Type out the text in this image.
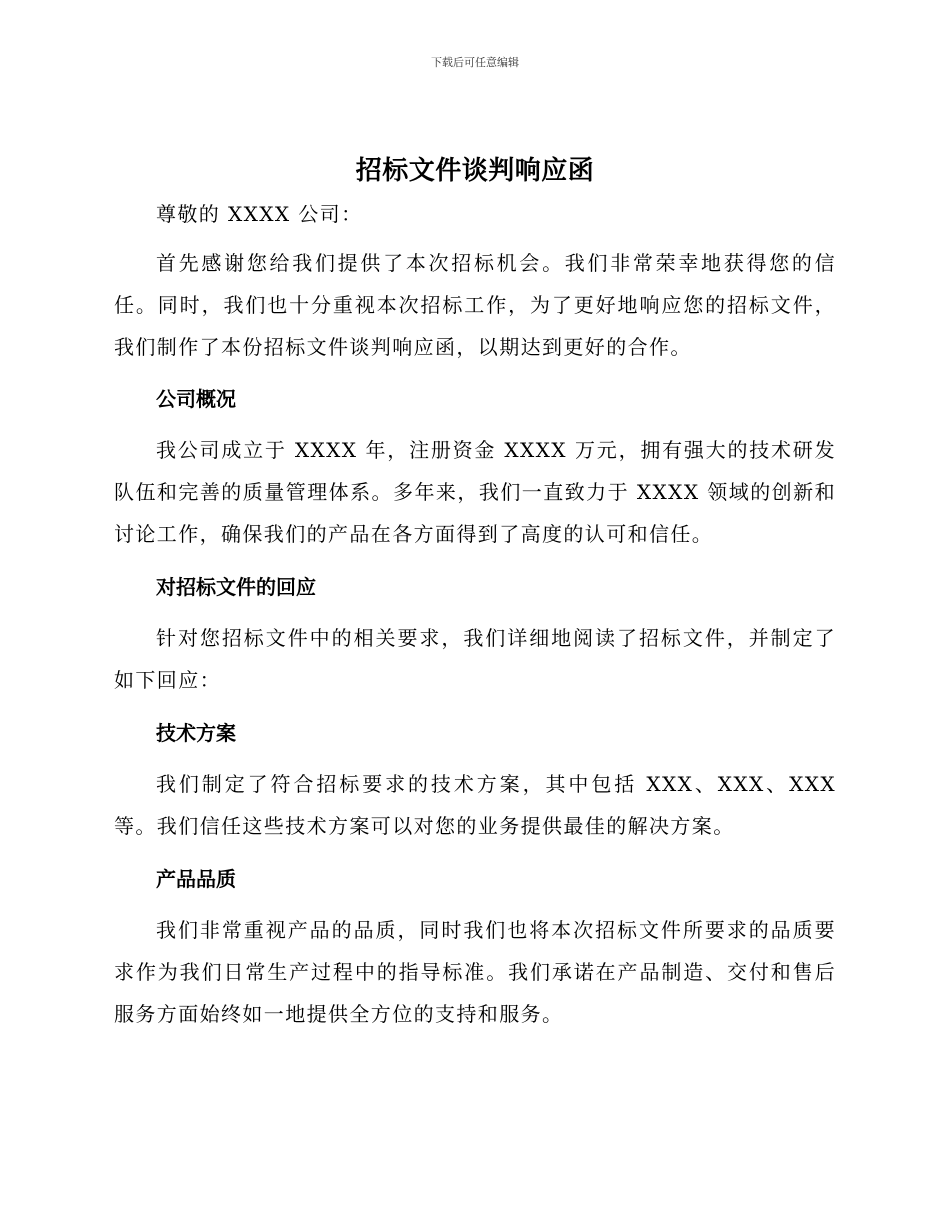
下载后可任意编辑
招标文件谈判响应函
尊敬的 XXXX 公司：
首先感谢您给我们提供了本次招标机会。我们非常荣幸地获得您的信任。同时，我们也十分重视本次招标工作，为了更好地响应您的招标文件，我们制作了本份招标文件谈判响应函，以期达到更好的合作。
公司概况
我公司成立于 XXXX 年，注册资金 XXXX 万元，拥有强大的技术研发队伍和完善的质量管理体系。多年来，我们一直致力于 XXXX 领域的创新和讨论工作，确保我们的产品在各方面得到了高度的认可和信任。
对招标文件的回应
针对您招标文件中的相关要求，我们详细地阅读了招标文件，并制定了如下回应：
技术方案
我们制定了符合招标要求的技术方案，其中包括 XXX、XXX、XXX 等。我们信任这些技术方案可以对您的业务提供最佳的解决方案。
产品品质
我们非常重视产品的品质，同时我们也将本次招标文件所要求的品质要求作为我们日常生产过程中的指导标准。我们承诺在产品制造、交付和售后服务方面始终如一地提供全方位的支持和服务。
